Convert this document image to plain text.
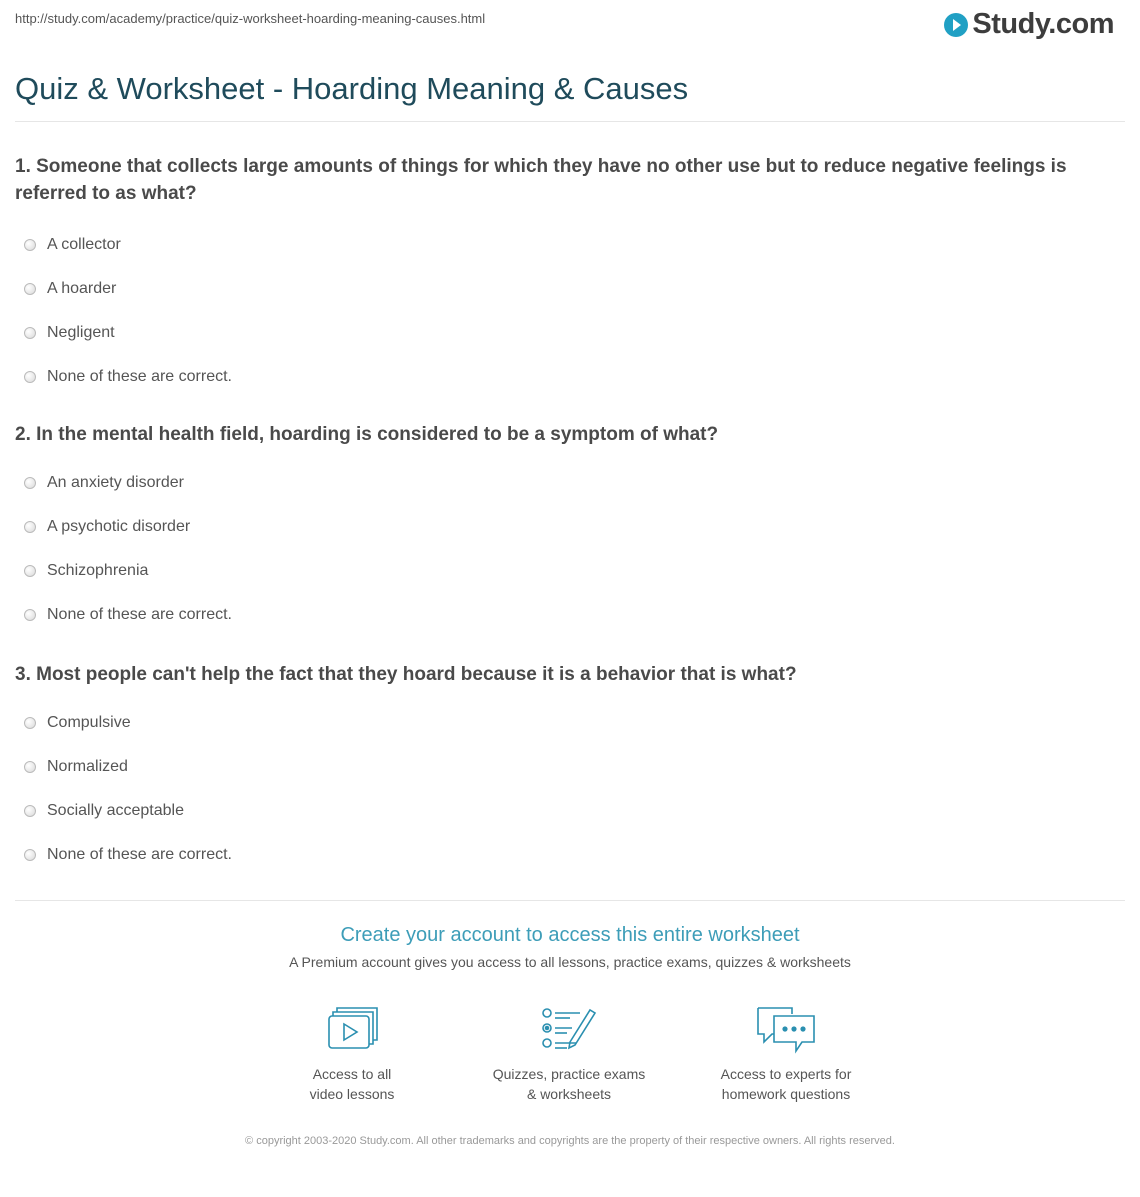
http://study.com/academy/practice/quiz-worksheet-hoarding-meaning-causes.html	Study.com
Quiz & Worksheet - Hoarding Meaning & Causes
1. Someone that collects large amounts of things for which they have no other use but to reduce negative feelings is referred to as what?
A collector
A hoarder
Negligent
None of these are correct.
2. In the mental health field, hoarding is considered to be a symptom of what?
An anxiety disorder
A psychotic disorder
Schizophrenia
None of these are correct.
3. Most people can't help the fact that they hoard because it is a behavior that is what?
Compulsive
Normalized
Socially acceptable
None of these are correct.
Create your account to access this entire worksheet
A Premium account gives you access to all lessons, practice exams, quizzes & worksheets
Access to all
video lessons
Quizzes, practice exams
& worksheets
Access to experts for
homework questions
© copyright 2003-2020 Study.com. All other trademarks and copyrights are the property of their respective owners. All rights reserved.
